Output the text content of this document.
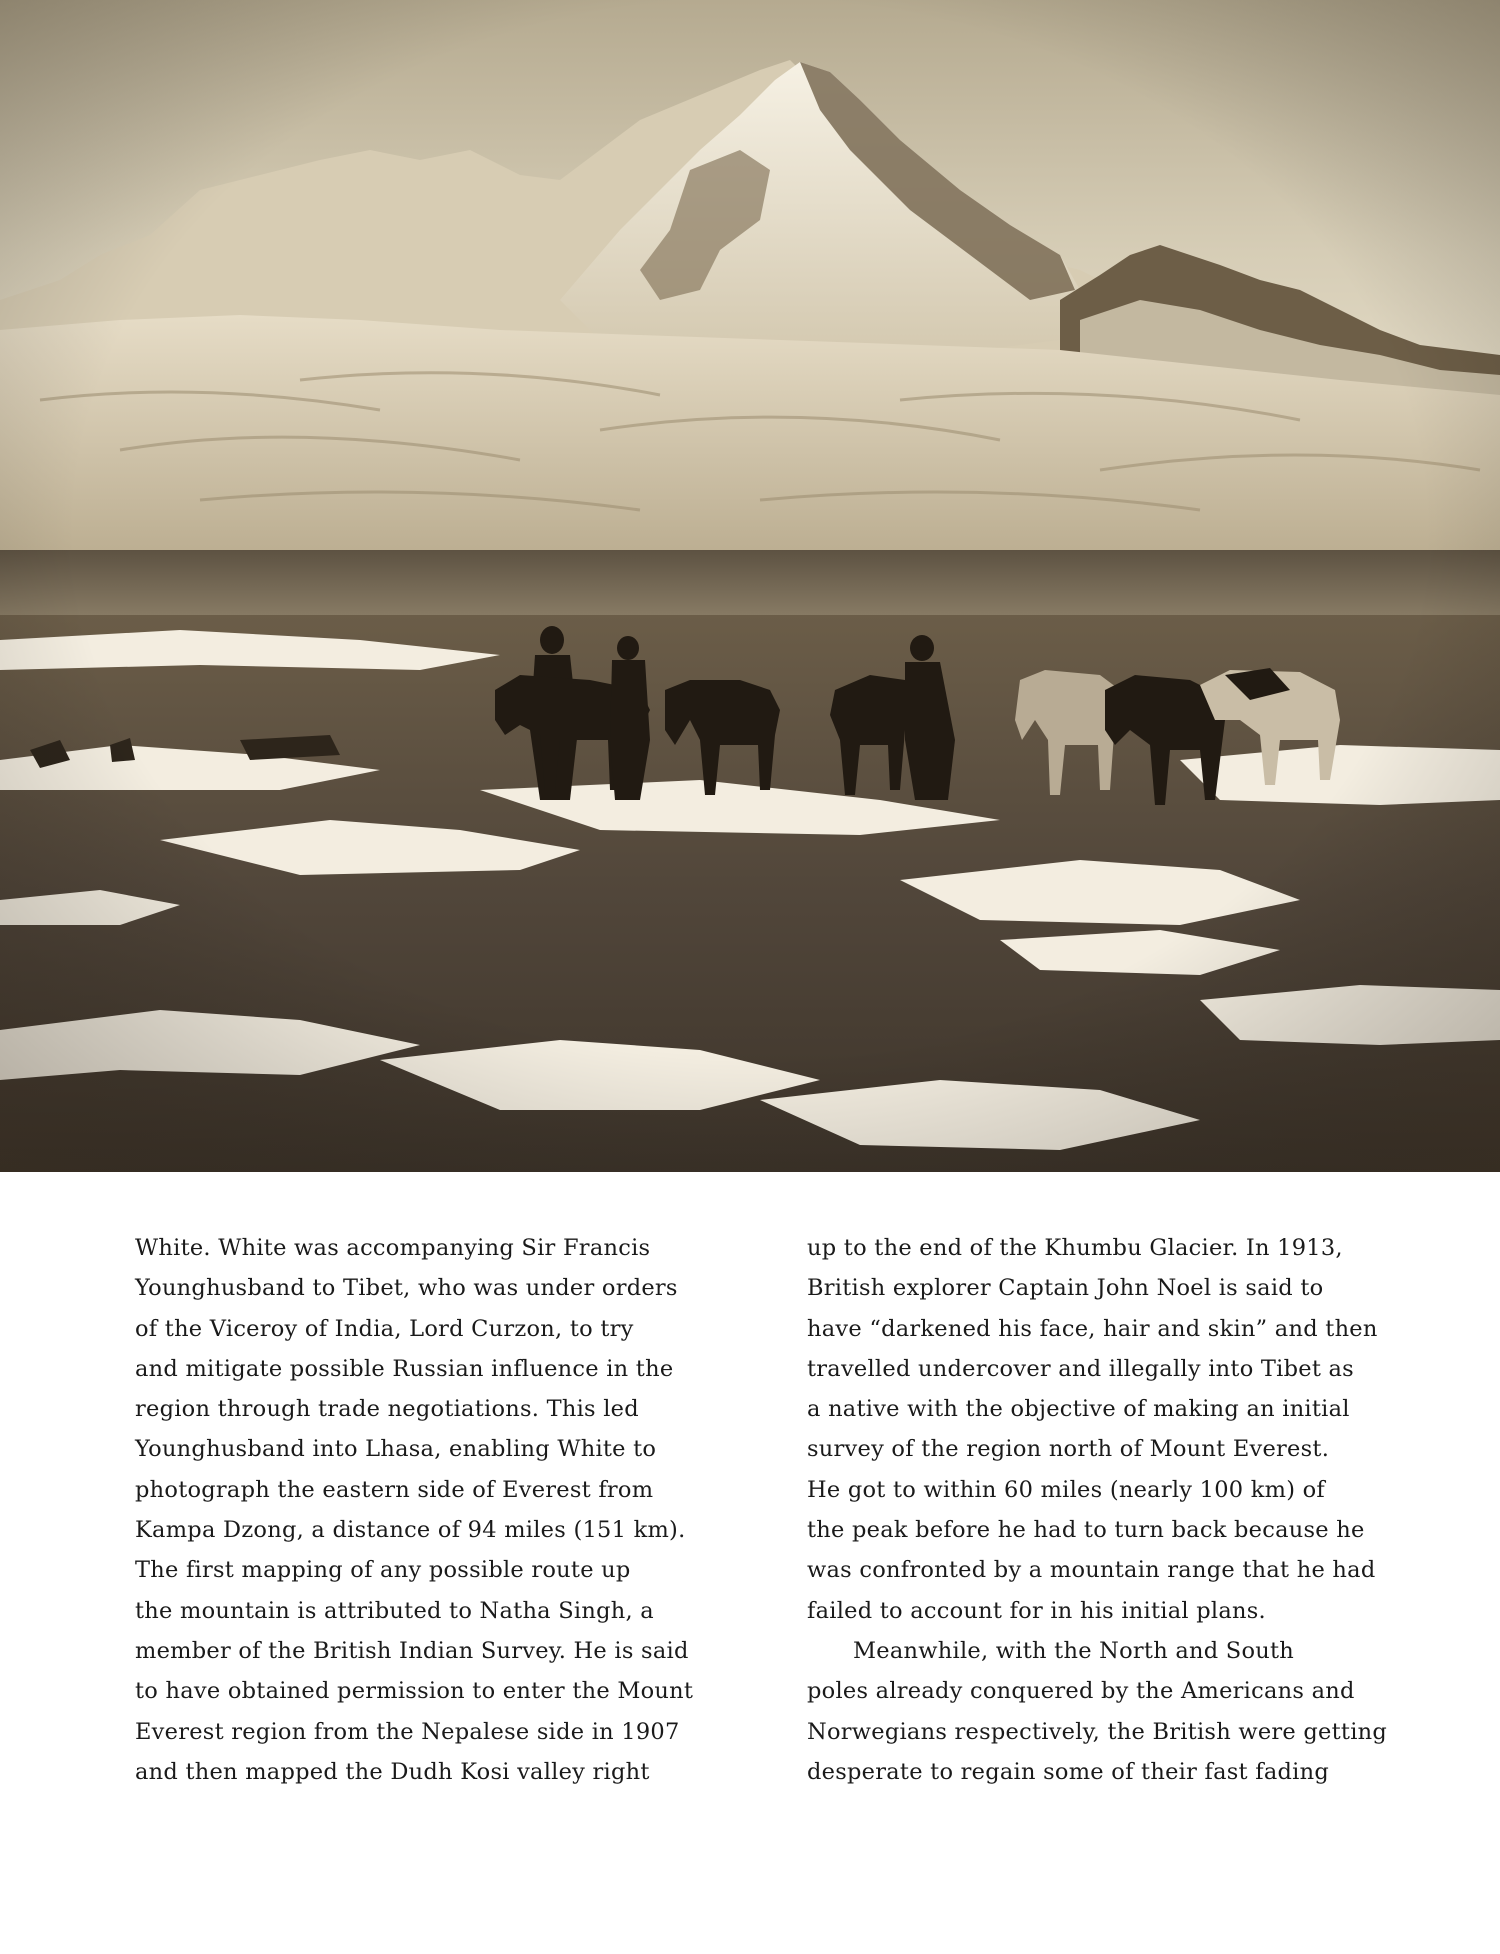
White. White was accompanying Sir Francis
Younghusband to Tibet, who was under orders
of the Viceroy of India, Lord Curzon, to try
and mitigate possible Russian influence in the
region through trade negotiations. This led
Younghusband into Lhasa, enabling White to
photograph the eastern side of Everest from
Kampa Dzong, a distance of 94 miles (151 km).
The first mapping of any possible route up
the mountain is attributed to Natha Singh, a
member of the British Indian Survey. He is said
to have obtained permission to enter the Mount
Everest region from the Nepalese side in 1907
and then mapped the Dudh Kosi valley right
up to the end of the Khumbu Glacier. In 1913,
British explorer Captain John Noel is said to
have “darkened his face, hair and skin” and then
travelled undercover and illegally into Tibet as
a native with the objective of making an initial
survey of the region north of Mount Everest.
He got to within 60 miles (nearly 100 km) of
the peak before he had to turn back because he
was confronted by a mountain range that he had
failed to account for in his initial plans.
Meanwhile, with the North and South
poles already conquered by the Americans and
Norwegians respectively, the British were getting
desperate to regain some of their fast fading
